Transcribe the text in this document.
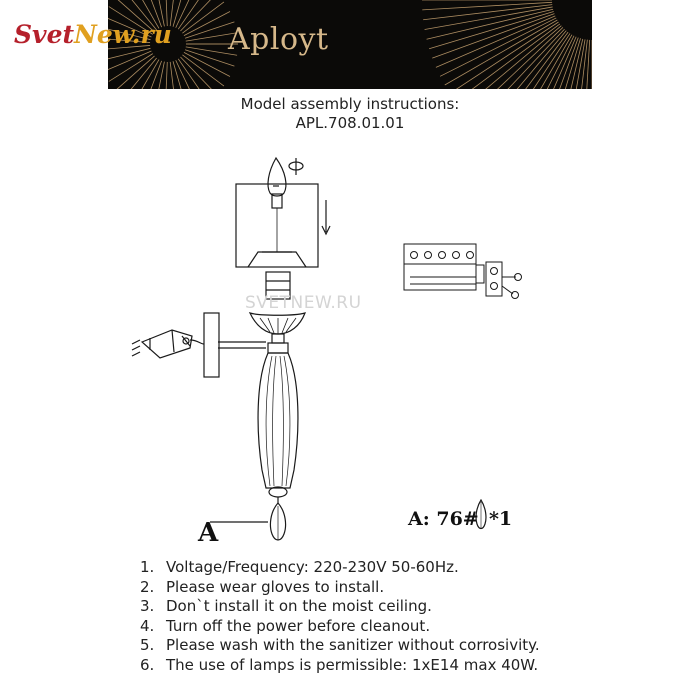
Aployt
SvetNew.ru
Model assembly instructions:
APL.708.01.01
SVETNEW.RU
A	A: 76# *1
1. Voltage/Frequency: 220-230V 50-60Hz.
2. Please wear gloves to install.
3. Don`t install it on the moist ceiling.
4. Turn off the power before cleanout.
5. Please wash with the sanitizer without corrosivity.
6. The use of lamps is permissible: 1xE14 max 40W.
